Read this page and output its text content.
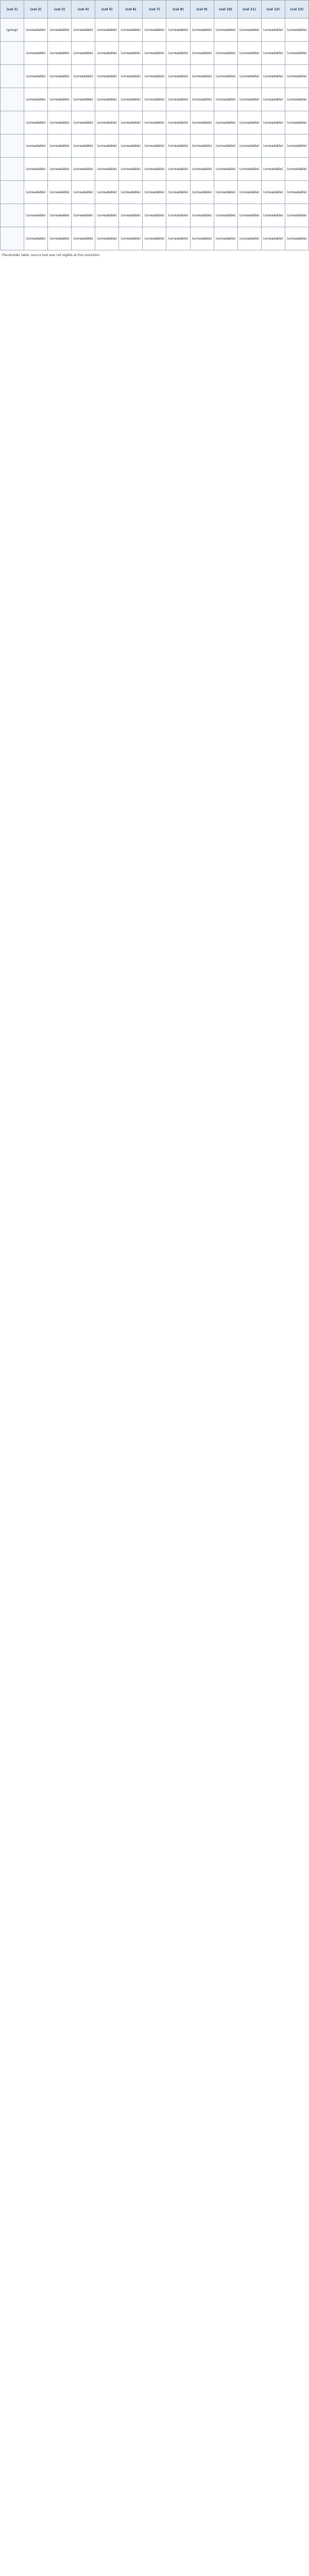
(col 1)	(col 2)	(col 3)	(col 4)	(col 5)	(col 6)	(col 7)	(col 8)	(col 9)	(col 10)	(col 11)	(col 12)	(col 13)
(group)	(unreadable)	(unreadable)	(unreadable)	(unreadable)	(unreadable)	(unreadable)	(unreadable)	(unreadable)	(unreadable)	(unreadable)	(unreadable)	(unreadable)
	(unreadable)	(unreadable)	(unreadable)	(unreadable)	(unreadable)	(unreadable)	(unreadable)	(unreadable)	(unreadable)	(unreadable)	(unreadable)	(unreadable)
	(unreadable)	(unreadable)	(unreadable)	(unreadable)	(unreadable)	(unreadable)	(unreadable)	(unreadable)	(unreadable)	(unreadable)	(unreadable)	(unreadable)
	(unreadable)	(unreadable)	(unreadable)	(unreadable)	(unreadable)	(unreadable)	(unreadable)	(unreadable)	(unreadable)	(unreadable)	(unreadable)	(unreadable)
	(unreadable)	(unreadable)	(unreadable)	(unreadable)	(unreadable)	(unreadable)	(unreadable)	(unreadable)	(unreadable)	(unreadable)	(unreadable)	(unreadable)
	(unreadable)	(unreadable)	(unreadable)	(unreadable)	(unreadable)	(unreadable)	(unreadable)	(unreadable)	(unreadable)	(unreadable)	(unreadable)	(unreadable)
	(unreadable)	(unreadable)	(unreadable)	(unreadable)	(unreadable)	(unreadable)	(unreadable)	(unreadable)	(unreadable)	(unreadable)	(unreadable)	(unreadable)
	(unreadable)	(unreadable)	(unreadable)	(unreadable)	(unreadable)	(unreadable)	(unreadable)	(unreadable)	(unreadable)	(unreadable)	(unreadable)	(unreadable)
	(unreadable)	(unreadable)	(unreadable)	(unreadable)	(unreadable)	(unreadable)	(unreadable)	(unreadable)	(unreadable)	(unreadable)	(unreadable)	(unreadable)
	(unreadable)	(unreadable)	(unreadable)	(unreadable)	(unreadable)	(unreadable)	(unreadable)	(unreadable)	(unreadable)	(unreadable)	(unreadable)	(unreadable)
Placeholder table: source text was not legible at this resolution.
